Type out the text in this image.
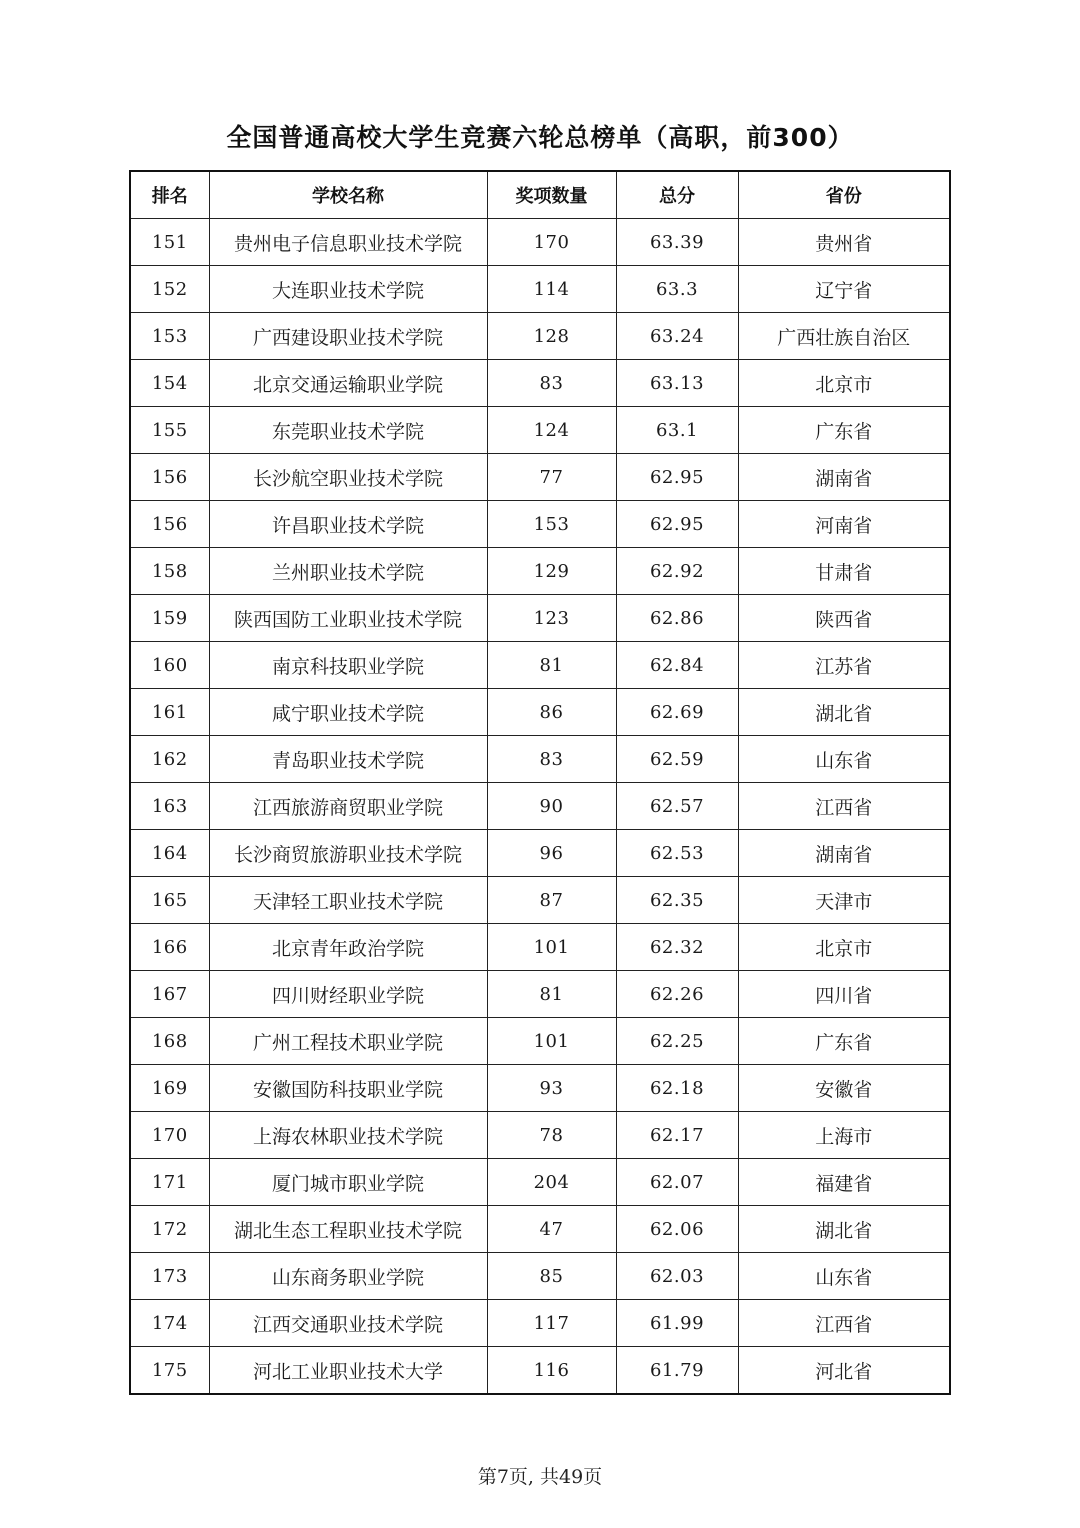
全国普通高校大学生竞赛六轮总榜单（高职，前300）
排名	学校名称	奖项数量	总分	省份
151	贵州电子信息职业技术学院	170	63.39	贵州省
152	大连职业技术学院	114	63.3	辽宁省
153	广西建设职业技术学院	128	63.24	广西壮族自治区
154	北京交通运输职业学院	83	63.13	北京市
155	东莞职业技术学院	124	63.1	广东省
156	长沙航空职业技术学院	77	62.95	湖南省
156	许昌职业技术学院	153	62.95	河南省
158	兰州职业技术学院	129	62.92	甘肃省
159	陕西国防工业职业技术学院	123	62.86	陕西省
160	南京科技职业学院	81	62.84	江苏省
161	咸宁职业技术学院	86	62.69	湖北省
162	青岛职业技术学院	83	62.59	山东省
163	江西旅游商贸职业学院	90	62.57	江西省
164	长沙商贸旅游职业技术学院	96	62.53	湖南省
165	天津轻工职业技术学院	87	62.35	天津市
166	北京青年政治学院	101	62.32	北京市
167	四川财经职业学院	81	62.26	四川省
168	广州工程技术职业学院	101	62.25	广东省
169	安徽国防科技职业学院	93	62.18	安徽省
170	上海农林职业技术学院	78	62.17	上海市
171	厦门城市职业学院	204	62.07	福建省
172	湖北生态工程职业技术学院	47	62.06	湖北省
173	山东商务职业学院	85	62.03	山东省
174	江西交通职业技术学院	117	61.99	江西省
175	河北工业职业技术大学	116	61.79	河北省
第7页, 共49页
